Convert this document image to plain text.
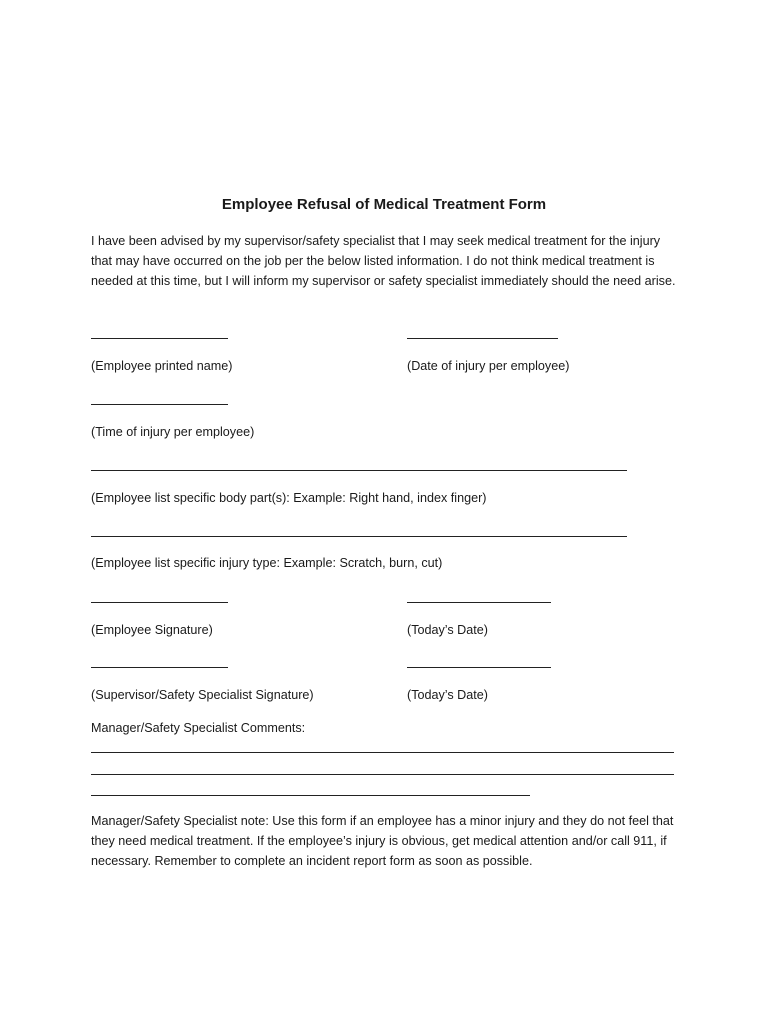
Employee Refusal of Medical Treatment Form
I have been advised by my supervisor/safety specialist that I may seek medical treatment for the injury that may have occurred on the job per the below listed information. I do not think medical treatment is needed at this time, but I will inform my supervisor or safety specialist immediately should the need arise.
(Employee printed name)	(Date of injury per employee)
(Time of injury per employee)
(Employee list specific body part(s): Example: Right hand, index finger)
(Employee list specific injury type: Example: Scratch, burn, cut)
(Employee Signature)	(Today’s Date)
(Supervisor/Safety Specialist Signature)	(Today’s Date)
Manager/Safety Specialist Comments:
Manager/Safety Specialist note: Use this form if an employee has a minor injury and they do not feel that they need medical treatment. If the employee’s injury is obvious, get medical attention and/or call 911, if necessary. Remember to complete an incident report form as soon as possible.
